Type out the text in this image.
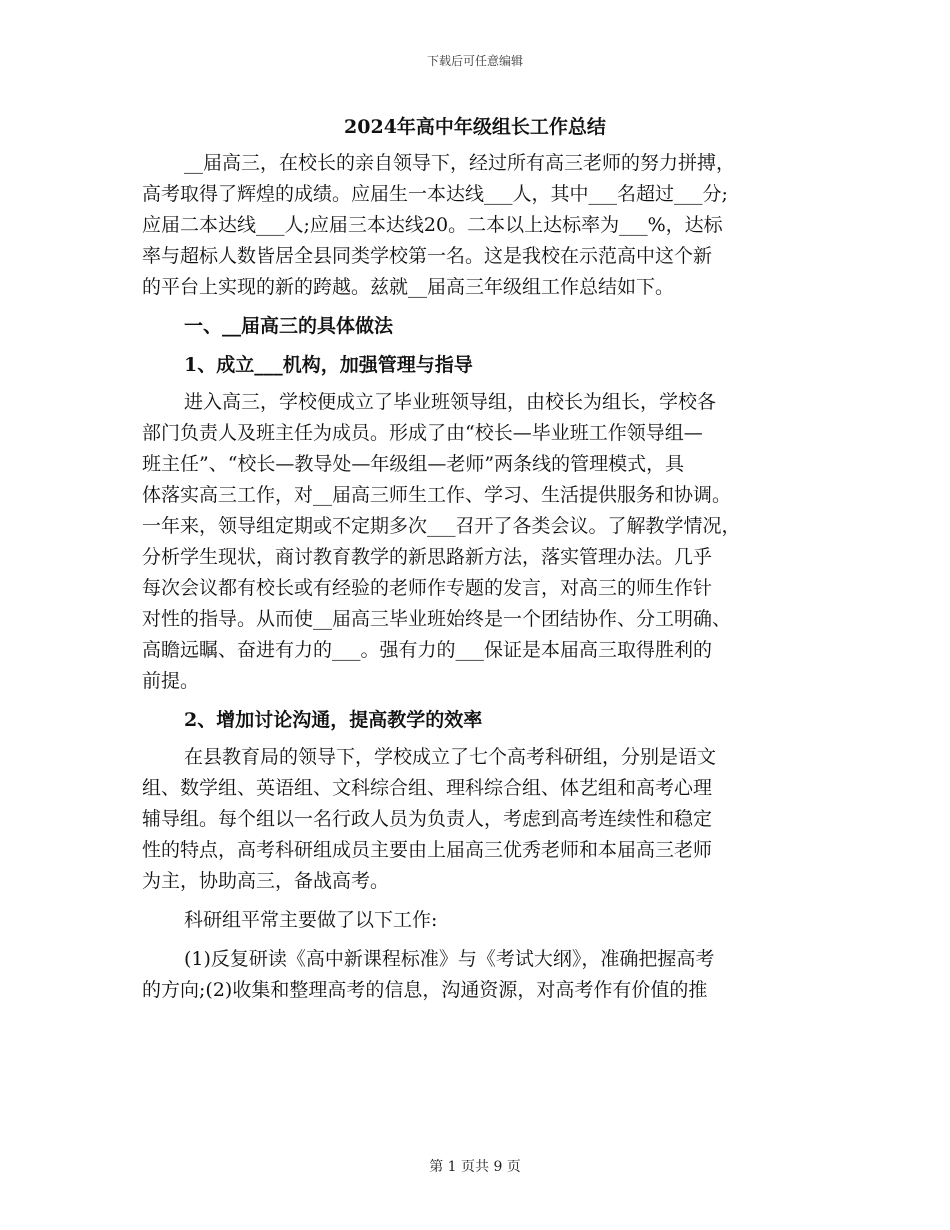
下载后可任意编辑
2024年高中年级组长工作总结

__届高三，在校长的亲自领导下，经过所有高三老师的努力拼搏，

高考取得了辉煌的成绩。应届生一本达线___人，其中___名超过___分;

应届二本达线___人;应届三本达线20。二本以上达标率为___%，达标

率与超标人数皆居全县同类学校第一名。这是我校在示范高中这个新

的平台上实现的新的跨越。兹就__届高三年级组工作总结如下。

一、__届高三的具体做法
1、成立___机构，加强管理与指导

进入高三，学校便成立了毕业班领导组，由校长为组长，学校各

部门负责人及班主任为成员。形成了由“校长—毕业班工作领导组—

班主任”、“校长—教导处—年级组—老师”两条线的管理模式，具

体落实高三工作，对__届高三师生工作、学习、生活提供服务和协调。

一年来，领导组定期或不定期多次___召开了各类会议。了解教学情况，

分析学生现状，商讨教育教学的新思路新方法，落实管理办法。几乎

每次会议都有校长或有经验的老师作专题的发言，对高三的师生作针

对性的指导。从而使__届高三毕业班始终是一个团结协作、分工明确、

高瞻远瞩、奋进有力的___。强有力的___保证是本届高三取得胜利的

前提。

2、增加讨论沟通，提高教学的效率

在县教育局的领导下，学校成立了七个高考科研组，分别是语文

组、数学组、英语组、文科综合组、理科综合组、体艺组和高考心理

辅导组。每个组以一名行政人员为负责人，考虑到高考连续性和稳定

性的特点，高考科研组成员主要由上届高三优秀老师和本届高三老师

为主，协助高三，备战高考。

科研组平常主要做了以下工作:

(1)反复研读《高中新课程标准》与《考试大纲》，准确把握高考

的方向;(2)收集和整理高考的信息，沟通资源，对高考作有价值的推

第 1 页共 9 页
